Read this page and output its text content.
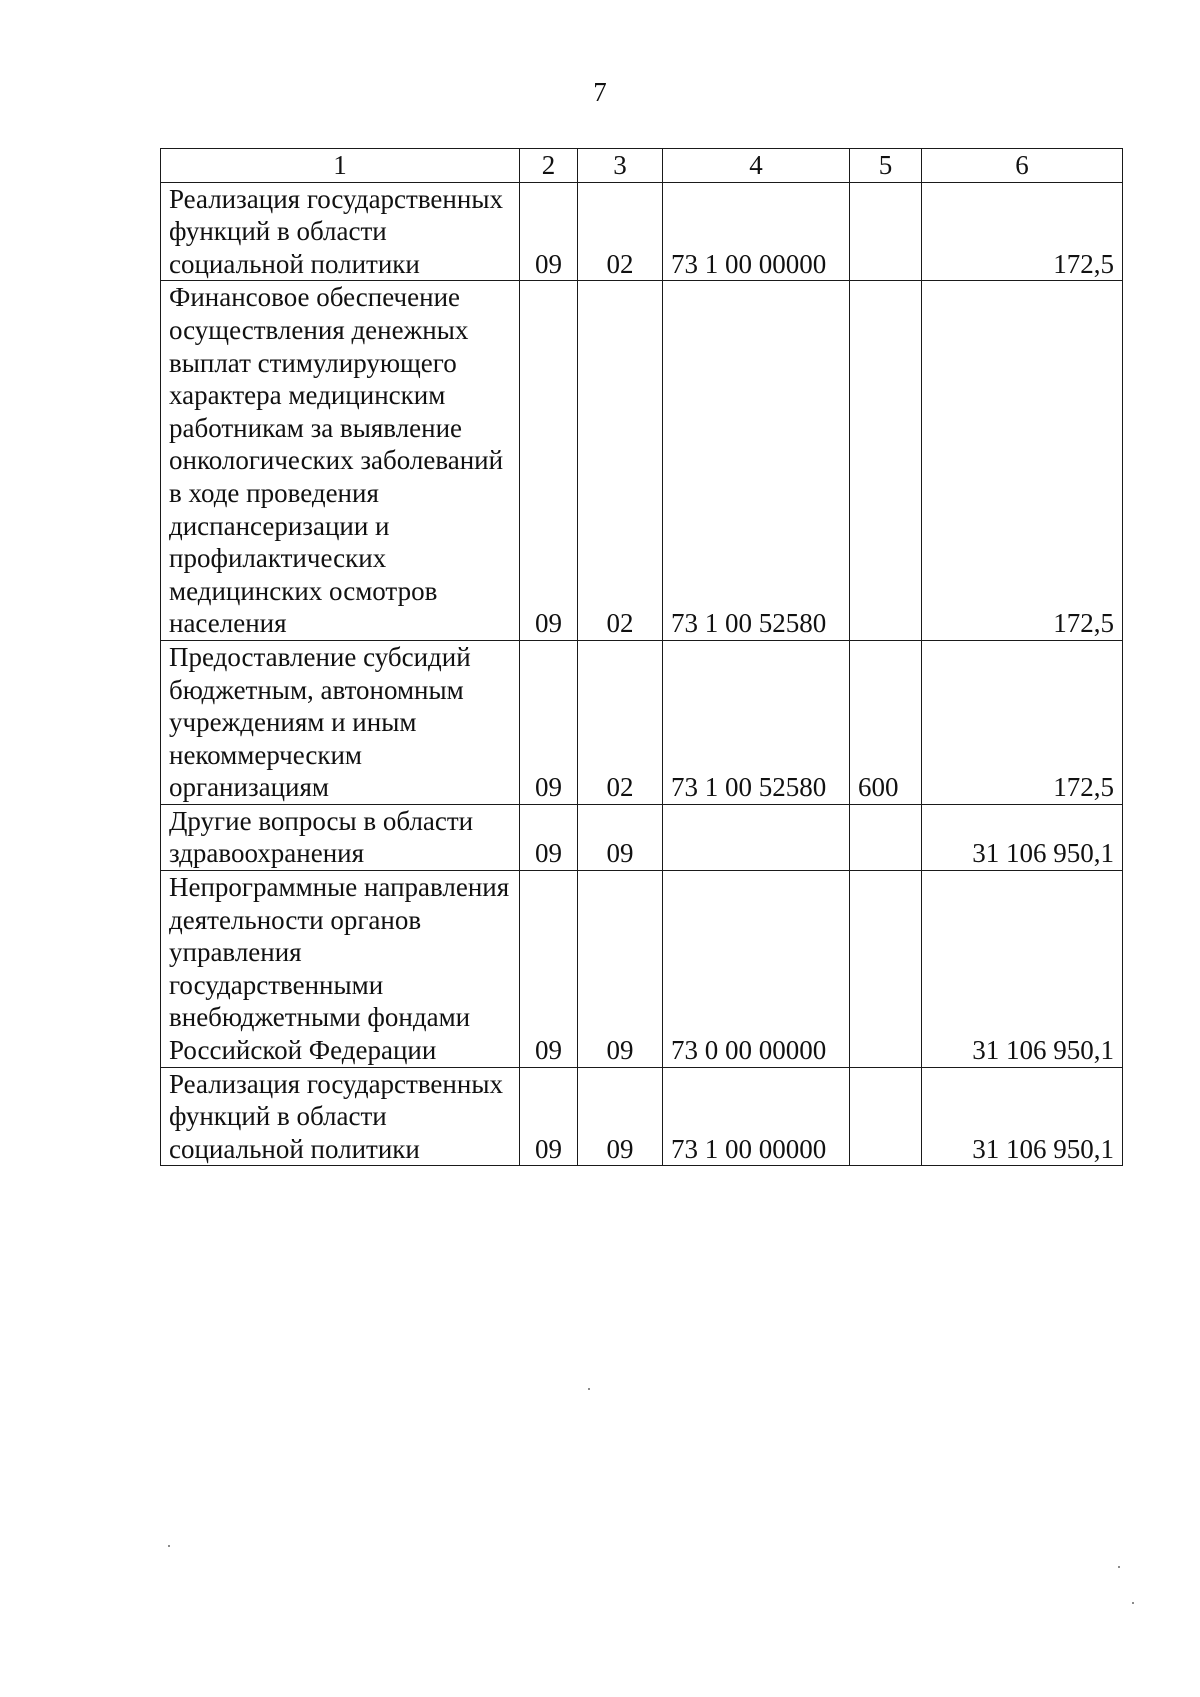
7
1	2	3	4	5	6
Реализация государственных функций в области социальной политики	09	02	73 1 00 00000		172,5
Финансовое обеспечение осуществления денежных выплат стимулирующего характера медицинским работникам за выявление онкологических заболеваний в ходе проведения диспансеризации и профилактических медицинских осмотров населения	09	02	73 1 00 52580		172,5
Предоставление субсидий бюджетным, автономным учреждениям и иным некоммерческим организациям	09	02	73 1 00 52580	600	172,5
Другие вопросы в области здравоохранения	09	09			31 106 950,1
Непрограммные направления деятельности органов управления государственными внебюджетными фондами Российской Федерации	09	09	73 0 00 00000		31 106 950,1
Реализация государственных функций в области социальной политики	09	09	73 1 00 00000		31 106 950,1
